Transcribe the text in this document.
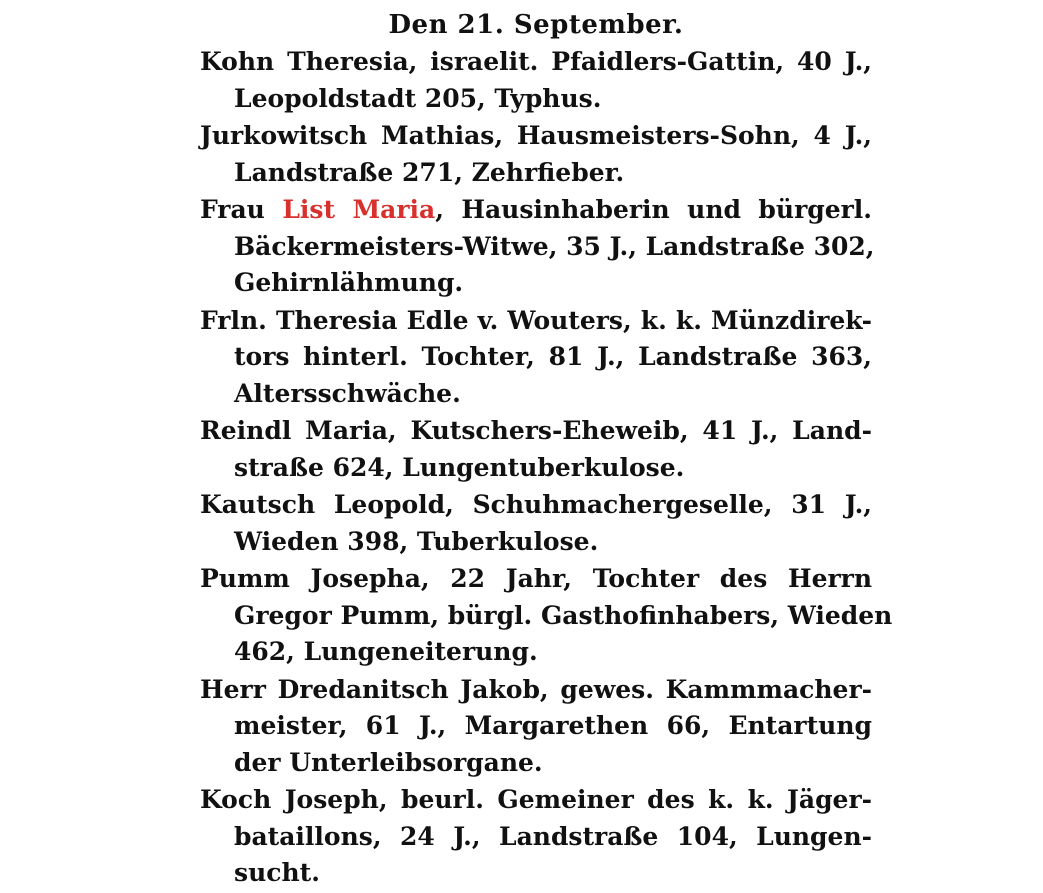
Den 21. September.
Kohn Theresia, israelit. Pfaidlers-Gattin, 40 J.,
Leopoldstadt 205, Typhus.
Jurkowitsch Mathias, Hausmeisters-Sohn, 4 J.,
Landstraße 271, Zehrfieber.
Frau List Maria, Hausinhaberin und bürgerl.
Bäckermeisters-Witwe, 35 J., Landstraße 302,
Gehirnlähmung.
Frln. Theresia Edle v. Wouters, k. k. Münzdirek-
tors hinterl. Tochter, 81 J., Landstraße 363,
Altersschwäche.
Reindl Maria, Kutschers-Eheweib, 41 J., Land-
straße 624, Lungentuberkulose.
Kautsch Leopold, Schuhmachergeselle, 31 J.,
Wieden 398, Tuberkulose.
Pumm Josepha, 22 Jahr, Tochter des Herrn
Gregor Pumm, bürgl. Gasthofinhabers, Wieden
462, Lungeneiterung.
Herr Dredanitsch Jakob, gewes. Kammmacher-
meister, 61 J., Margarethen 66, Entartung
der Unterleibsorgane.
Koch Joseph, beurl. Gemeiner des k. k. Jäger-
bataillons, 24 J., Landstraße 104, Lungen-
sucht.
